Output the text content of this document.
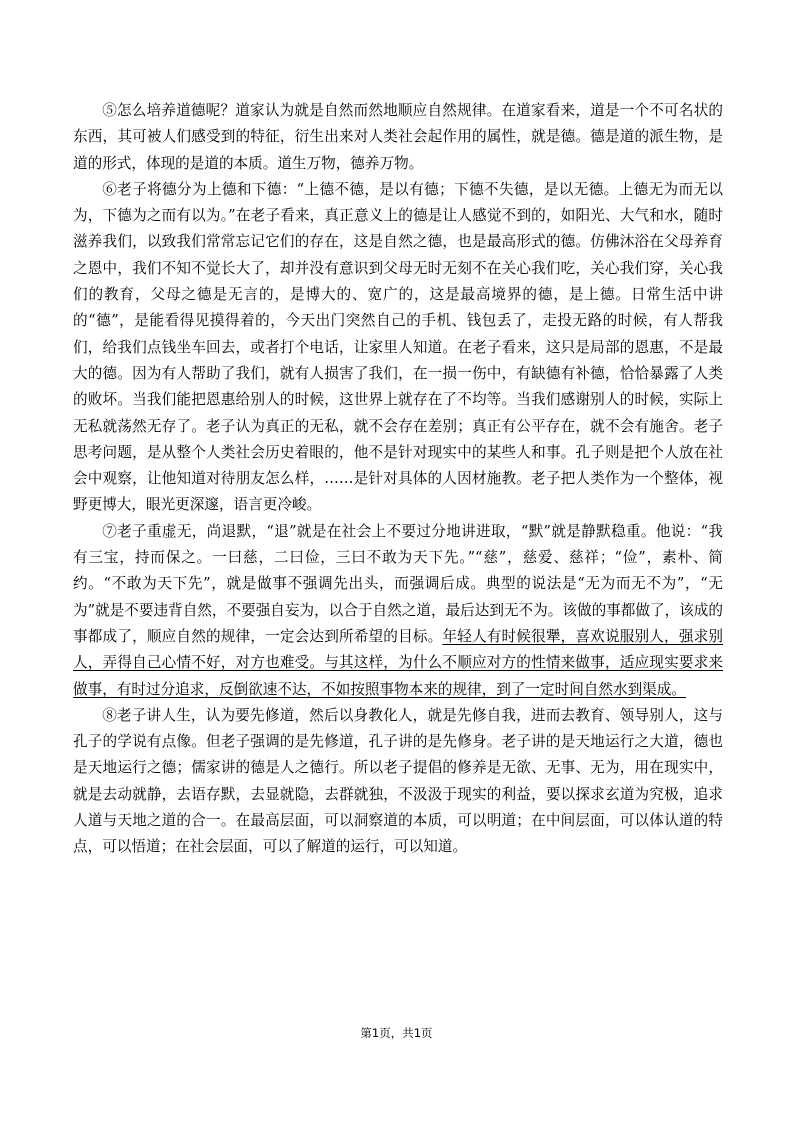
⑤怎么培养道德呢？道家认为就是自然而然地顺应自然规律。在道家看来，道是一个不可名状的东西，其可被人们感受到的特征，衍生出来对人类社会起作用的属性，就是德。德是道的派生物，是道的形式，体现的是道的本质。道生万物，德养万物。

⑥老子将德分为上德和下德：“上德不德，是以有德；下德不失德，是以无德。上德无为而无以为，下德为之而有以为。”在老子看来，真正意义上的德是让人感觉不到的，如阳光、大气和水，随时滋养我们，以致我们常常忘记它们的存在，这是自然之德，也是最高形式的德。仿佛沐浴在父母养育之恩中，我们不知不觉长大了，却并没有意识到父母无时无刻不在关心我们吃，关心我们穿，关心我们的教育，父母之德是无言的，是博大的、宽广的，这是最高境界的德，是上德。日常生活中讲的“德”，是能看得见摸得着的，今天出门突然自己的手机、钱包丢了，走投无路的时候，有人帮我们，给我们点钱坐车回去，或者打个电话，让家里人知道。在老子看来，这只是局部的恩惠，不是最大的德。因为有人帮助了我们，就有人损害了我们，在一损一伤中，有缺德有补德，恰恰暴露了人类的败坏。当我们能把恩惠给别人的时候，这世界上就存在了不均等。当我们感谢别人的时候，实际上无私就荡然无存了。老子认为真正的无私，就不会存在差别；真正有公平存在，就不会有施舍。老子思考问题，是从整个人类社会历史着眼的，他不是针对现实中的某些人和事。孔子则是把个人放在社会中观察，让他知道对待朋友怎么样，……是针对具体的人因材施教。老子把人类作为一个整体，视野更博大，眼光更深邃，语言更冷峻。

⑦老子重虚无，尚退默，“退”就是在社会上不要过分地讲进取，“默”就是静默稳重。他说：“我有三宝，持而保之。一曰慈，二曰俭，三曰不敢为天下先。”“慈”，慈爱、慈祥；“俭”，素朴、简约。“不敢为天下先”，就是做事不强调先出头，而强调后成。典型的说法是“无为而无不为”，“无为”就是不要违背自然，不要强自妄为，以合于自然之道，最后达到无不为。该做的事都做了，该成的事都成了，顺应自然的规律，一定会达到所希望的目标。年轻人有时候很犟，喜欢说服别人，强求别人，弄得自己心情不好，对方也难受。与其这样，为什么不顺应对方的性情来做事，适应现实要求来做事，有时过分追求，反倒欲速不达，不如按照事物本来的规律，到了一定时间自然水到渠成。

⑧老子讲人生，认为要先修道，然后以身教化人，就是先修自我，进而去教育、领导别人，这与孔子的学说有点像。但老子强调的是先修道，孔子讲的是先修身。老子讲的是天地运行之大道，德也是天地运行之德；儒家讲的德是人之德行。所以老子提倡的修养是无欲、无事、无为，用在现实中，就是去动就静，去语存默，去显就隐，去群就独，不汲汲于现实的利益，要以探求玄道为究极，追求人道与天地之道的合一。在最高层面，可以洞察道的本质，可以明道；在中间层面，可以体认道的特点，可以悟道；在社会层面，可以了解道的运行，可以知道。

第1页，共1页
